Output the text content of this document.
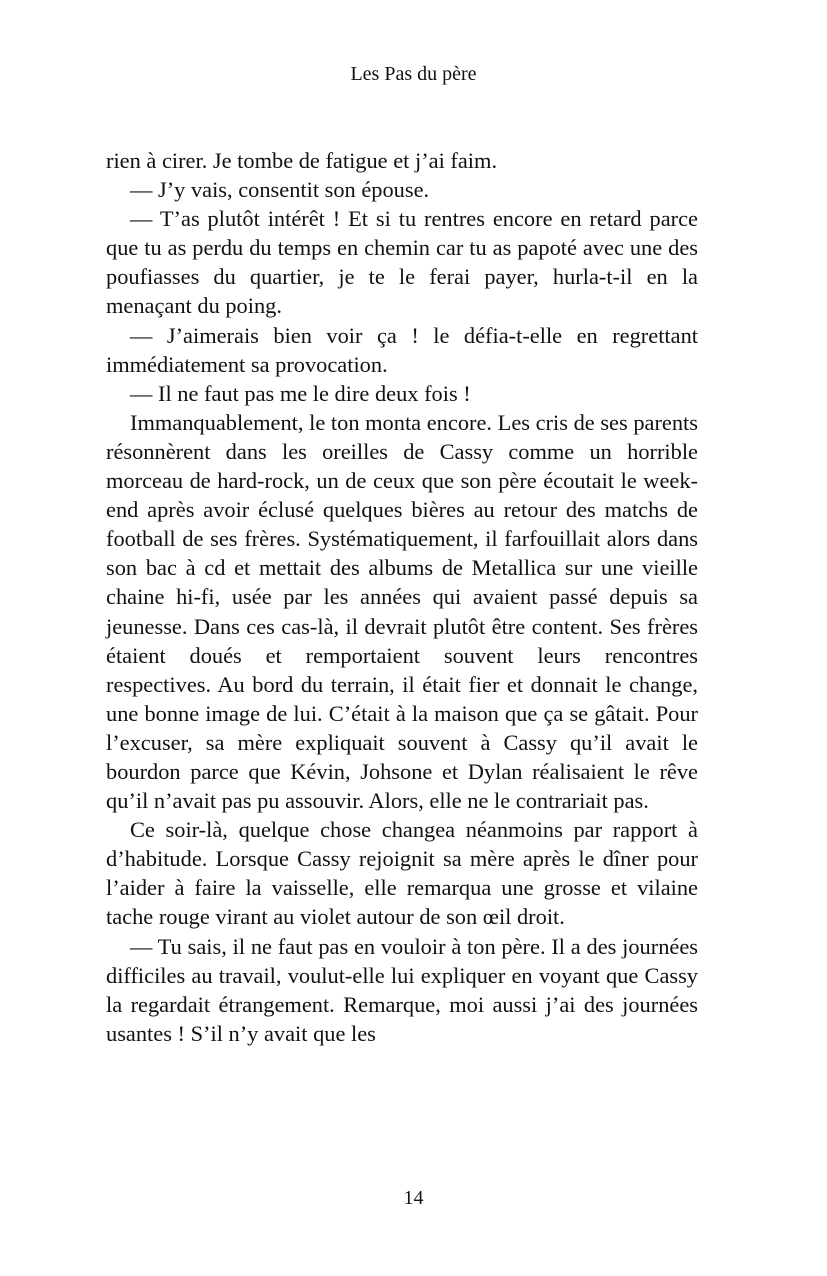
Les Pas du père

rien à cirer. Je tombe de fatigue et j’ai faim.

— J’y vais, consentit son épouse.

— T’as plutôt intérêt ! Et si tu rentres encore en retard parce que tu as perdu du temps en chemin car tu as papoté avec une des poufiasses du quartier, je te le ferai payer, hurla-t-il en la menaçant du poing.

— J’aimerais bien voir ça ! le défia-t-elle en regrettant immédiatement sa provocation.

— Il ne faut pas me le dire deux fois !

Immanquablement, le ton monta encore. Les cris de ses parents résonnèrent dans les oreilles de Cassy comme un horrible morceau de hard-rock, un de ceux que son père écoutait le week-end après avoir éclusé quelques bières au retour des matchs de football de ses frères. Systématiquement, il farfouillait alors dans son bac à cd et mettait des albums de Metallica sur une vieille chaine hi-fi, usée par les années qui avaient passé depuis sa jeunesse. Dans ces cas-là, il devrait plutôt être content. Ses frères étaient doués et remportaient souvent leurs rencontres respectives. Au bord du terrain, il était fier et donnait le change, une bonne image de lui. C’était à la maison que ça se gâtait. Pour l’excuser, sa mère expliquait souvent à Cassy qu’il avait le bourdon parce que Kévin, Johsone et Dylan réalisaient le rêve qu’il n’avait pas pu assouvir. Alors, elle ne le contrariait pas.

Ce soir-là, quelque chose changea néanmoins par rapport à d’habitude. Lorsque Cassy rejoignit sa mère après le dîner pour l’aider à faire la vaisselle, elle remarqua une grosse et vilaine tache rouge virant au violet autour de son œil droit.

— Tu sais, il ne faut pas en vouloir à ton père. Il a des journées difficiles au travail, voulut-elle lui expliquer en voyant que Cassy la regardait étrangement. Remarque, moi aussi j’ai des journées usantes ! S’il n’y avait que les

14
